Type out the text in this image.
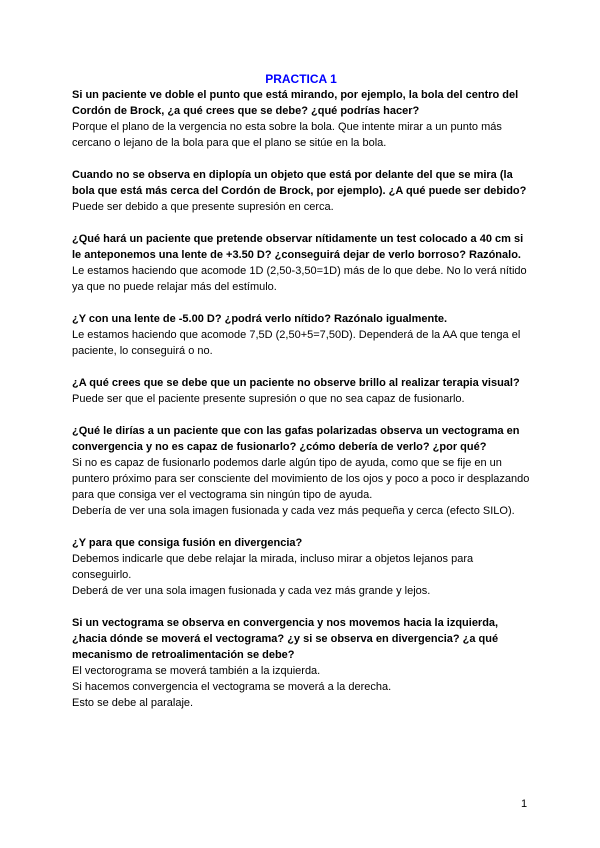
PRACTICA 1

Si un paciente ve doble el punto que está mirando, por ejemplo, la bola del centro del Cordón de Brock, ¿a qué crees que se debe? ¿qué podrías hacer?

Porque el plano de la vergencia no esta sobre la bola. Que intente mirar a un punto más cercano o lejano de la bola para que el plano se sitúe en la bola.

Cuando no se observa en diplopía un objeto que está por delante del que se mira (la bola que está más cerca del Cordón de Brock, por ejemplo). ¿A qué puede ser debido?

Puede ser debido a que presente supresión en cerca.

¿Qué hará un paciente que pretende observar nítidamente un test colocado a 40 cm si le anteponemos una lente de +3.50 D? ¿conseguirá dejar de verlo borroso? Razónalo.

Le estamos haciendo que acomode 1D (2,50-3,50=1D) más de lo que debe. No lo verá nítido ya que no puede relajar más del estímulo.

¿Y con una lente de -5.00 D? ¿podrá verlo nítido? Razónalo igualmente.

Le estamos haciendo que acomode 7,5D (2,50+5=7,50D). Dependerá de la AA que tenga el paciente, lo conseguirá o no.

¿A qué crees que se debe que un paciente no observe brillo al realizar terapia visual?

Puede ser que el paciente presente supresión o que no sea capaz de fusionarlo.

¿Qué le dirías a un paciente que con las gafas polarizadas observa un vectograma en convergencia y no es capaz de fusionarlo? ¿cómo debería de verlo? ¿por qué?

Si no es capaz de fusionarlo podemos darle algún tipo de ayuda, como que se fije en un puntero próximo para ser consciente del movimiento de los ojos y poco a poco ir desplazando para que consiga ver el vectograma sin ningún tipo de ayuda.

Debería de ver una sola imagen fusionada y cada vez más pequeña y cerca (efecto SILO).

¿Y para que consiga fusión en divergencia?

Debemos indicarle que debe relajar la mirada, incluso mirar a objetos lejanos para conseguirlo.

Deberá de ver una sola imagen fusionada y cada vez más grande y lejos.

Si un vectograma se observa en convergencia y nos movemos hacia la izquierda, ¿hacia dónde se moverá el vectograma? ¿y si se observa en divergencia? ¿a qué mecanismo de retroalimentación se debe?

El vectorograma se moverá también a la izquierda.

Si hacemos convergencia el vectograma se moverá a la derecha.

Esto se debe al paralaje.

1
